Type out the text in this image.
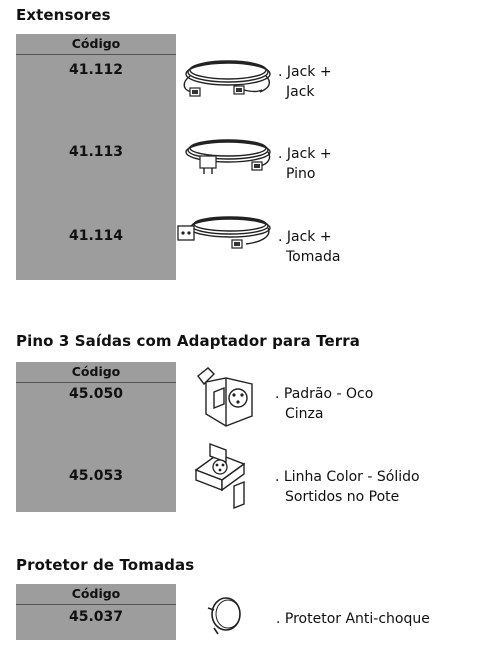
Extensores
Código
41.112
41.113
41.114
. Jack +
Jack
. Jack +
Pino
. Jack +
Tomada
Pino 3 Saídas com Adaptador para Terra
Código
45.050
45.053
. Padrão - Oco
Cinza
. Linha Color - Sólido
Sortidos no Pote
Protetor de Tomadas
Código
45.037	. Protetor Anti-choque
